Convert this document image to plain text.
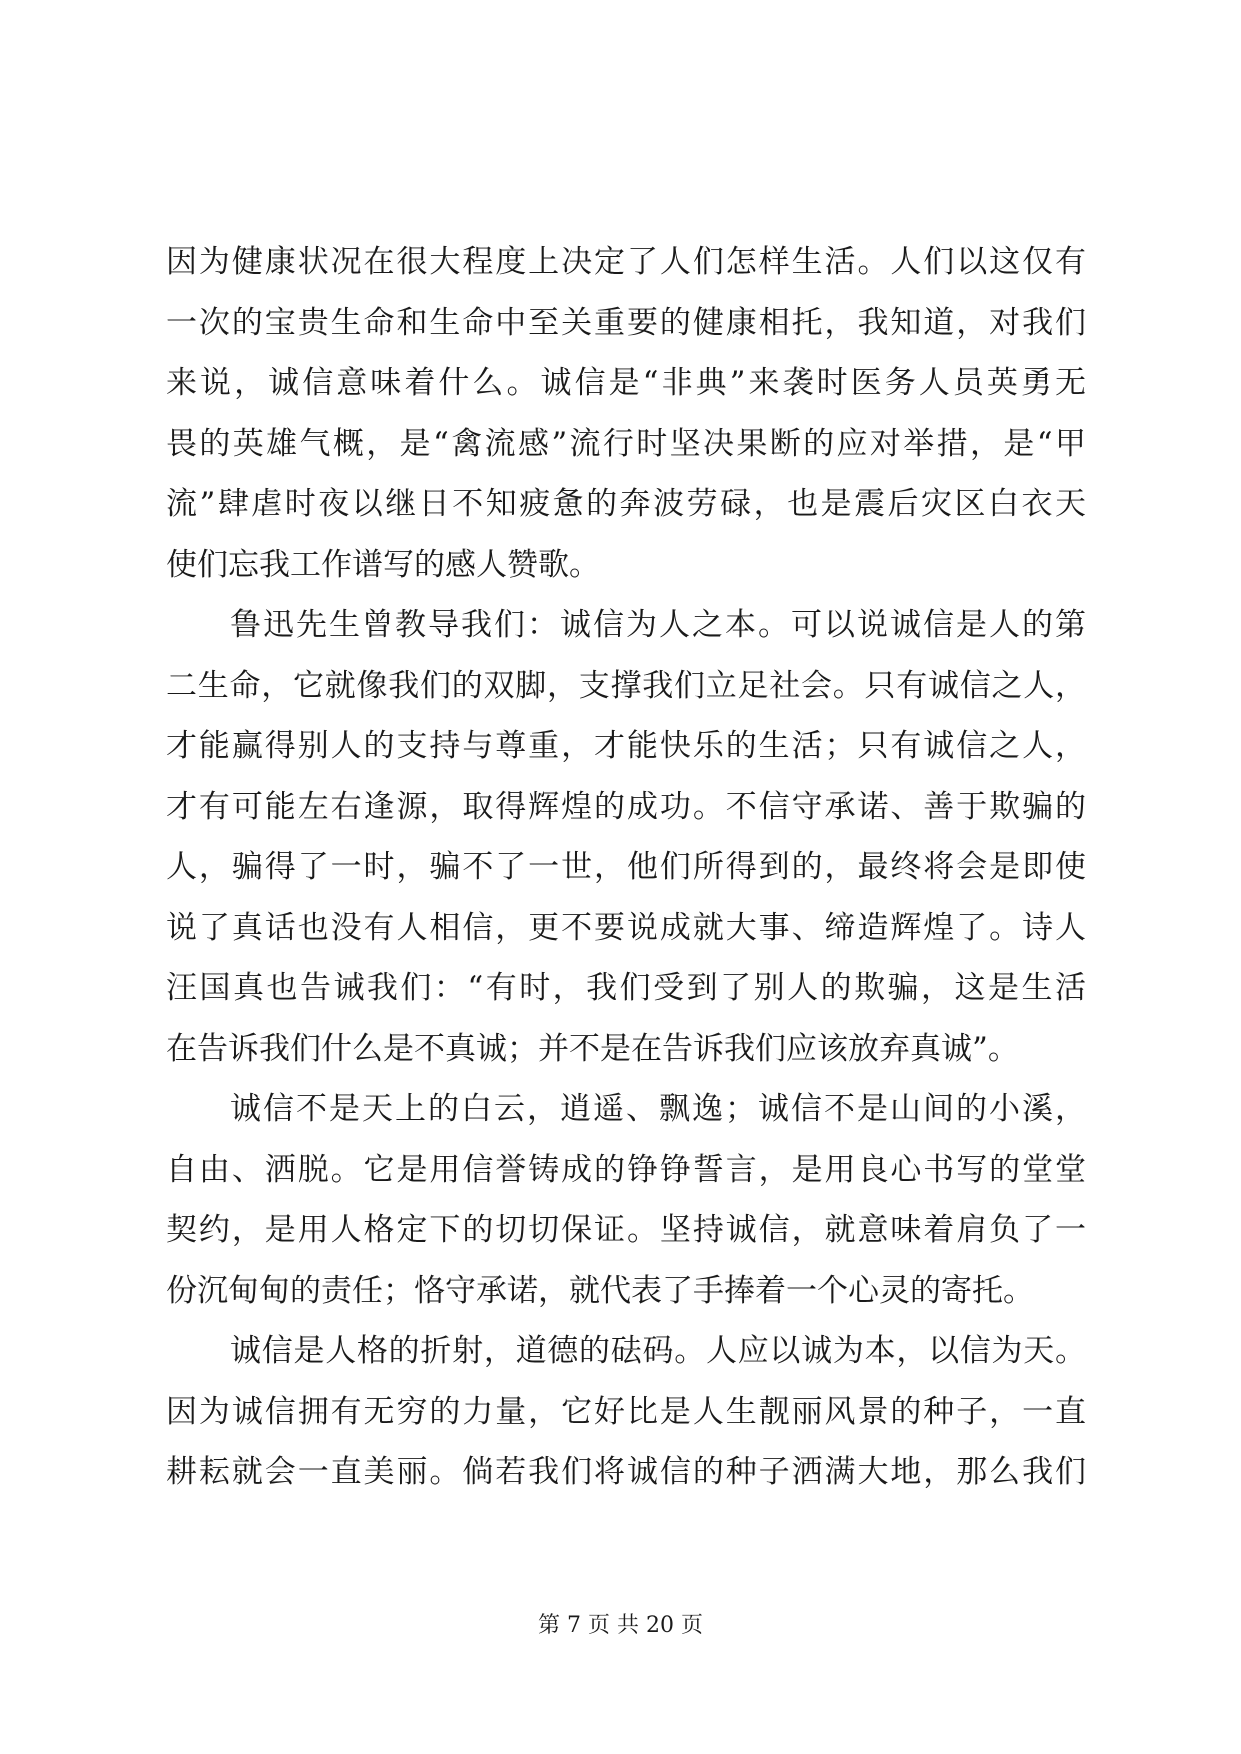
因为健康状况在很大程度上决定了人们怎样生活。人们以这仅有
一次的宝贵生命和生命中至关重要的健康相托，我知道，对我们
来说，诚信意味着什么。诚信是“非典”来袭时医务人员英勇无
畏的英雄气概，是“禽流感”流行时坚决果断的应对举措，是“甲
流”肆虐时夜以继日不知疲惫的奔波劳碌，也是震后灾区白衣天
使们忘我工作谱写的感人赞歌。
鲁迅先生曾教导我们：诚信为人之本。可以说诚信是人的第
二生命，它就像我们的双脚，支撑我们立足社会。只有诚信之人，
才能赢得别人的支持与尊重，才能快乐的生活；只有诚信之人，
才有可能左右逢源，取得辉煌的成功。不信守承诺、善于欺骗的
人，骗得了一时，骗不了一世，他们所得到的，最终将会是即使
说了真话也没有人相信，更不要说成就大事、缔造辉煌了。诗人
汪国真也告诫我们：“有时，我们受到了别人的欺骗，这是生活
在告诉我们什么是不真诚；并不是在告诉我们应该放弃真诚”。
诚信不是天上的白云，逍遥、飘逸；诚信不是山间的小溪，
自由、洒脱。它是用信誉铸成的铮铮誓言，是用良心书写的堂堂
契约，是用人格定下的切切保证。坚持诚信，就意味着肩负了一
份沉甸甸的责任；恪守承诺，就代表了手捧着一个心灵的寄托。
诚信是人格的折射，道德的砝码。人应以诚为本，以信为天。
因为诚信拥有无穷的力量，它好比是人生靓丽风景的种子，一直
耕耘就会一直美丽。倘若我们将诚信的种子洒满大地，那么我们
第 7 页 共 20 页
